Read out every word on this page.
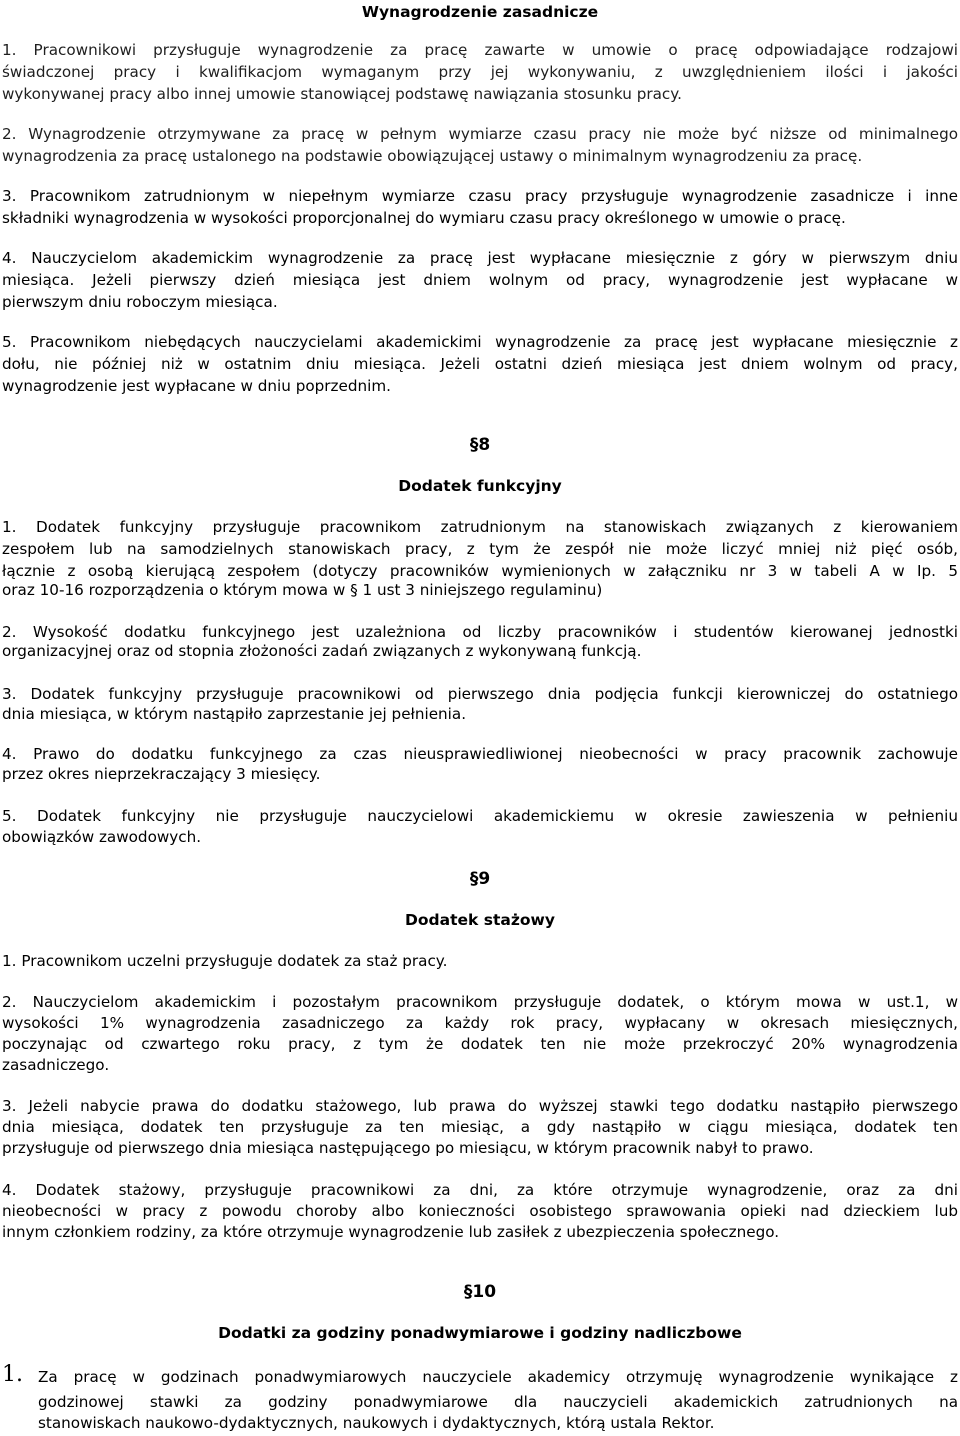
Wynagrodzenie zasadnicze
1. Pracownikowi przysługuje wynagrodzenie za pracę zawarte w umowie o pracę odpowiadające rodzajowi
świadczonej pracy i kwalifikacjom wymaganym przy jej wykonywaniu, z uwzględnieniem ilości i jakości
wykonywanej pracy albo innej umowie stanowiącej podstawę nawiązania stosunku pracy.
2. Wynagrodzenie otrzymywane za pracę w pełnym wymiarze czasu pracy nie może być niższe od minimalnego
wynagrodzenia za pracę ustalonego na podstawie obowiązującej ustawy o minimalnym wynagrodzeniu za pracę.
3. Pracownikom zatrudnionym w niepełnym wymiarze czasu pracy przysługuje wynagrodzenie zasadnicze i inne
składniki wynagrodzenia w wysokości proporcjonalnej do wymiaru czasu pracy określonego w umowie o pracę.
4. Nauczycielom akademickim wynagrodzenie za pracę jest wypłacane miesięcznie z góry w pierwszym dniu
miesiąca. Jeżeli pierwszy dzień miesiąca jest dniem wolnym od pracy, wynagrodzenie jest wypłacane w
pierwszym dniu roboczym miesiąca.
5. Pracownikom niebędących nauczycielami akademickimi wynagrodzenie za pracę jest wypłacane miesięcznie z
dołu, nie później niż w ostatnim dniu miesiąca. Jeżeli ostatni dzień miesiąca jest dniem wolnym od pracy,
wynagrodzenie jest wypłacane w dniu poprzednim.
§8
Dodatek funkcyjny
1. Dodatek funkcyjny przysługuje pracownikom zatrudnionym na stanowiskach związanych z kierowaniem
zespołem lub na samodzielnych stanowiskach pracy, z tym że zespół nie może liczyć mniej niż pięć osób,
łącznie z osobą kierującą zespołem (dotyczy pracowników wymienionych w załączniku nr 3 w tabeli A w Ip. 5
oraz 10-16 rozporządzenia o którym mowa w § 1 ust 3 niniejszego regulaminu)
2. Wysokość dodatku funkcyjnego jest uzależniona od liczby pracowników i studentów kierowanej jednostki
organizacyjnej oraz od stopnia złożoności zadań związanych z wykonywaną funkcją.
3. Dodatek funkcyjny przysługuje pracownikowi od pierwszego dnia podjęcia funkcji kierowniczej do ostatniego
dnia miesiąca, w którym nastąpiło zaprzestanie jej pełnienia.
4. Prawo do dodatku funkcyjnego za czas nieusprawiedliwionej nieobecności w pracy pracownik zachowuje
przez okres nieprzekraczający 3 miesięcy.
5. Dodatek funkcyjny nie przysługuje nauczycielowi akademickiemu w okresie zawieszenia w pełnieniu
obowiązków zawodowych.
§9
Dodatek stażowy
1. Pracownikom uczelni przysługuje dodatek za staż pracy.
2. Nauczycielom akademickim i pozostałym pracownikom przysługuje dodatek, o którym mowa w ust.1, w
wysokości 1% wynagrodzenia zasadniczego za każdy rok pracy, wypłacany w okresach miesięcznych,
poczynając od czwartego roku pracy, z tym że dodatek ten nie może przekroczyć 20% wynagrodzenia
zasadniczego.
3. Jeżeli nabycie prawa do dodatku stażowego, lub prawa do wyższej stawki tego dodatku nastąpiło pierwszego
dnia miesiąca, dodatek ten przysługuje za ten miesiąc, a gdy nastąpiło w ciągu miesiąca, dodatek ten
przysługuje od pierwszego dnia miesiąca następującego po miesiącu, w którym pracownik nabył to prawo.
4. Dodatek stażowy, przysługuje pracownikowi za dni, za które otrzymuje wynagrodzenie, oraz za dni
nieobecności w pracy z powodu choroby albo konieczności osobistego sprawowania opieki nad dzieckiem lub
innym członkiem rodziny, za które otrzymuje wynagrodzenie lub zasiłek z ubezpieczenia społecznego.
§10
Dodatki za godziny ponadwymiarowe i godziny nadliczbowe
1. Za pracę w godzinach ponadwymiarowych nauczyciele akademicy otrzymuję wynagrodzenie wynikające z
godzinowej stawki za godziny ponadwymiarowe dla nauczycieli akademickich zatrudnionych na
stanowiskach naukowo-dydaktycznych, naukowych i dydaktycznych, którą ustala Rektor.
